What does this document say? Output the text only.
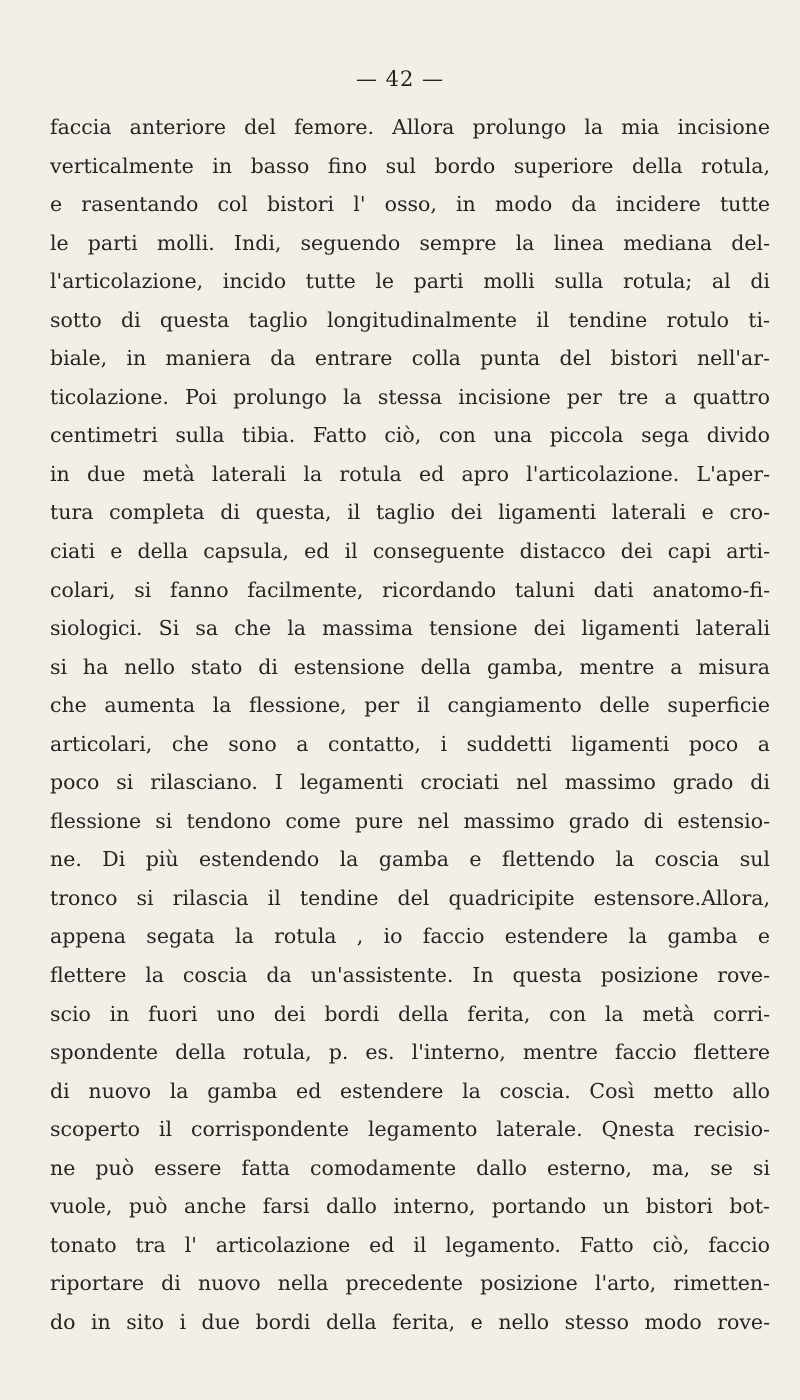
— 42 —
faccia anteriore del femore. Allora prolungo la mia incisione
verticalmente in basso fino sul bordo superiore della rotula,
e rasentando col bistori l' osso, in modo da incidere tutte
le parti molli. Indi, seguendo sempre la linea mediana del-
l'articolazione, incido tutte le parti molli sulla rotula; al di
sotto di questa taglio longitudinalmente il tendine rotulo ti-
biale, in maniera da entrare colla punta del bistori nell'ar-
ticolazione. Poi prolungo la stessa incisione per tre a quattro
centimetri sulla tibia. Fatto ciò, con una piccola sega divido
in due metà laterali la rotula ed apro l'articolazione. L'aper-
tura completa di questa, il taglio dei ligamenti laterali e cro-
ciati e della capsula, ed il conseguente distacco dei capi arti-
colari, si fanno facilmente, ricordando taluni dati anatomo-fi-
siologici. Si sa che la massima tensione dei ligamenti laterali
si ha nello stato di estensione della gamba, mentre a misura
che aumenta la flessione, per il cangiamento delle superficie
articolari, che sono a contatto, i suddetti ligamenti poco a
poco si rilasciano. I legamenti crociati nel massimo grado di
flessione si tendono come pure nel massimo grado di estensio-
ne. Di più estendendo la gamba e flettendo la coscia sul
tronco si rilascia il tendine del quadricipite estensore.Allora,
appena segata la rotula , io faccio estendere la gamba e
flettere la coscia da un'assistente. In questa posizione rove-
scio in fuori uno dei bordi della ferita, con la metà corri-
spondente della rotula, p. es. l'interno, mentre faccio flettere
di nuovo la gamba ed estendere la coscia. Così metto allo
scoperto il corrispondente legamento laterale. Qnesta recisio-
ne può essere fatta comodamente dallo esterno, ma, se si
vuole, può anche farsi dallo interno, portando un bistori bot-
tonato tra l' articolazione ed il legamento. Fatto ciò, faccio
riportare di nuovo nella precedente posizione l'arto, rimetten-
do in sito i due bordi della ferita, e nello stesso modo rove-
